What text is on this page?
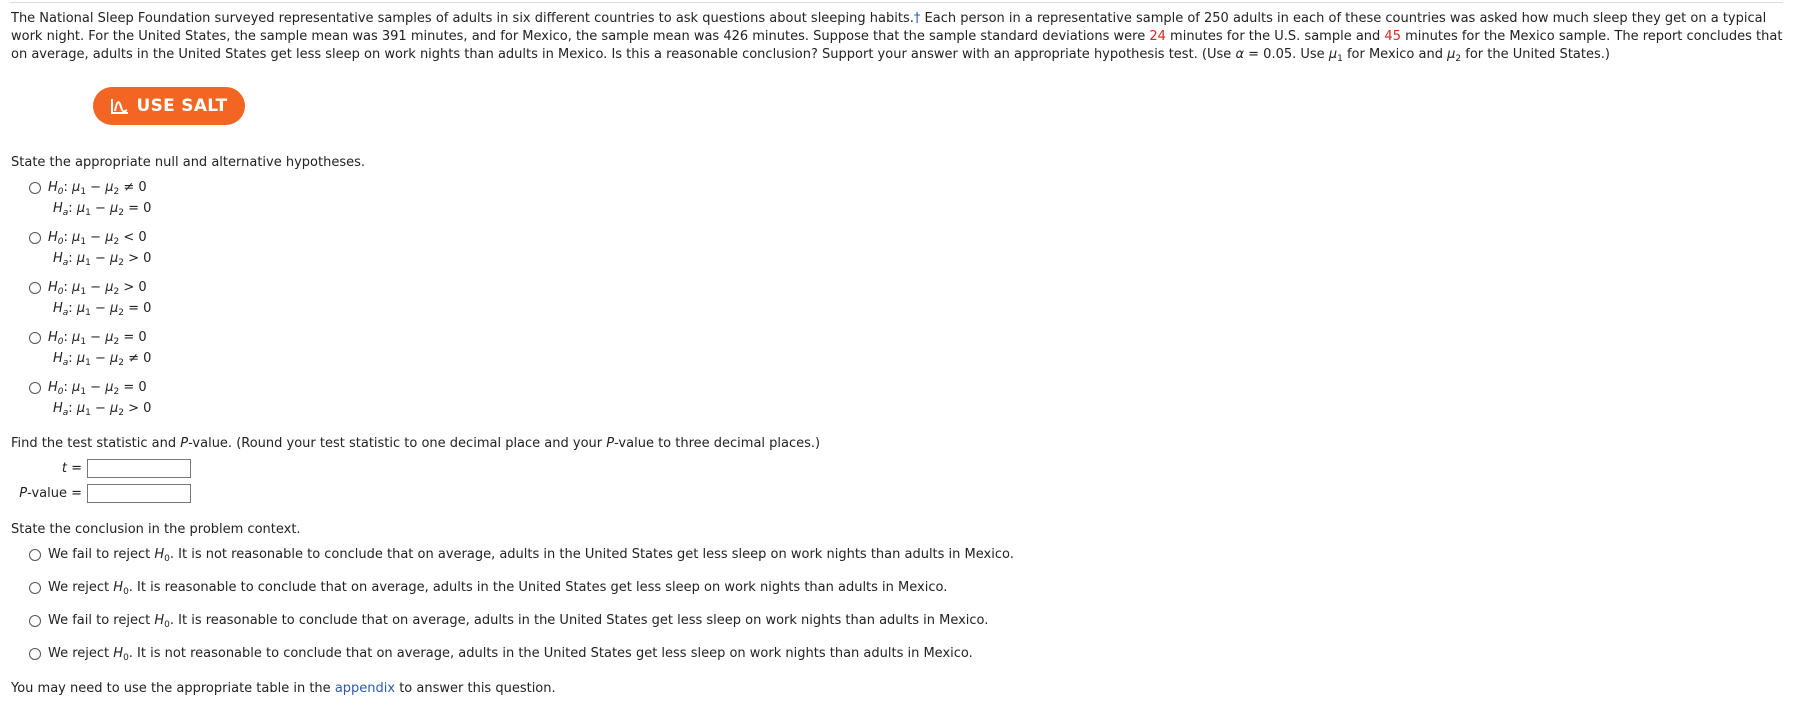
The National Sleep Foundation surveyed representative samples of adults in six different countries to ask questions about sleeping habits.† Each person in a representative sample of 250 adults in each of these countries was asked how much sleep they get on a typical work night. For the United States, the sample mean was 391 minutes, and for Mexico, the sample mean was 426 minutes. Suppose that the sample standard deviations were 24 minutes for the U.S. sample and 45 minutes for the Mexico sample. The report concludes that on average, adults in the United States get less sleep on work nights than adults in Mexico. Is this a reasonable conclusion? Support your answer with an appropriate hypothesis test. (Use α = 0.05. Use $\mu_1$ for Mexico and $\mu_2$ for the United States.)
USE SALT
State the appropriate null and alternative hypotheses.
$H_0$: $\mu_1 - \mu_2 \ne 0$
$H_a$: $\mu_1 - \mu_2 = 0$
$H_0$: $\mu_1 - \mu_2 < 0$
$H_a$: $\mu_1 - \mu_2 > 0$
$H_0$: $\mu_1 - \mu_2 > 0$
$H_a$: $\mu_1 - \mu_2 = 0$
$H_0$: $\mu_1 - \mu_2 = 0$
$H_a$: $\mu_1 - \mu_2 \ne 0$
$H_0$: $\mu_1 - \mu_2 = 0$
$H_a$: $\mu_1 - \mu_2 > 0$
Find the test statistic and P-value. (Round your test statistic to one decimal place and your P-value to three decimal places.)
t =
P-value =
State the conclusion in the problem context.
We fail to reject $H_0$. It is not reasonable to conclude that on average, adults in the United States get less sleep on work nights than adults in Mexico.
We reject $H_0$. It is reasonable to conclude that on average, adults in the United States get less sleep on work nights than adults in Mexico.
We fail to reject $H_0$. It is reasonable to conclude that on average, adults in the United States get less sleep on work nights than adults in Mexico.
We reject $H_0$. It is not reasonable to conclude that on average, adults in the United States get less sleep on work nights than adults in Mexico.
You may need to use the appropriate table in the appendix to answer this question.
